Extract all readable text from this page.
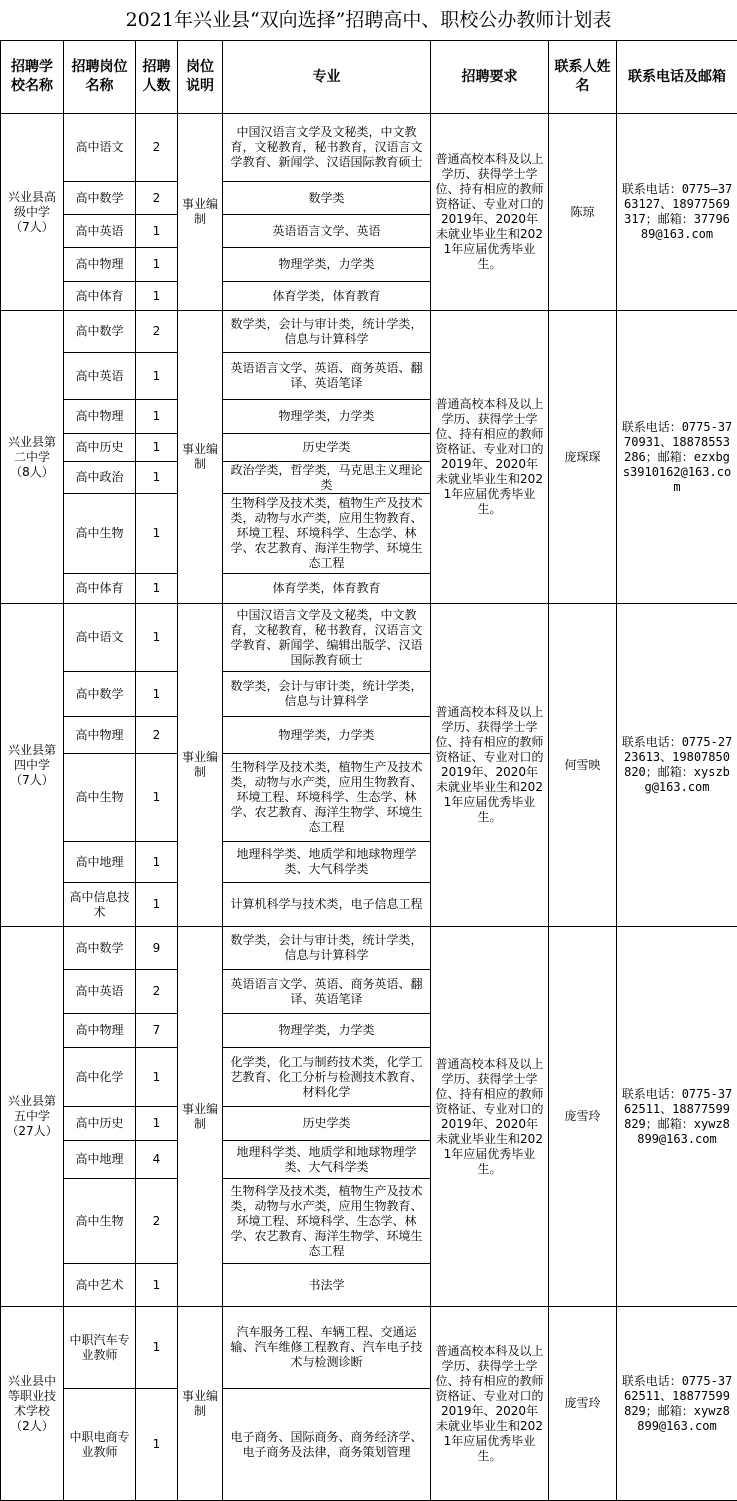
2021年兴业县“双向选择”招聘高中、职校公办教师计划表
招聘学校名称	招聘岗位名称	招聘人数	岗位说明	专业	招聘要求	联系人姓名	联系电话及邮箱
兴业县高级中学（7人）	高中语文	2	事业编制	中国汉语言文学及文秘类，中文教育，文秘教育，秘书教育，汉语言文学教育、新闻学、汉语国际教育硕士	普通高校本科及以上学历、获得学士学位、持有相应的教师资格证、专业对口的2019年、2020年未就业毕业生和2021年应届优秀毕业生。	陈琼	联系电话：0775—3763127、18977569317；邮箱：3779689@163.com
	高中数学	2		数学类			
	高中英语	1		英语语言文学、英语			
	高中物理	1		物理学类，力学类			
	高中体育	1		体育学类，体育教育			
兴业县第二中学（8人）	高中数学	2	事业编制	数学类，会计与审计类，统计学类，信息与计算科学	普通高校本科及以上学历、获得学士学位、持有相应的教师资格证、专业对口的2019年、2020年未就业毕业生和2021年应届优秀毕业生。	庞琛琛	联系电话：0775-3770931、18878553286；邮箱：ezxbgs3910162@163.com
	高中英语	1		英语语言文学、英语、商务英语、翻译、英语笔译			
	高中物理	1		物理学类，力学类			
	高中历史	1		历史学类			
	高中政治	1		政治学类，哲学类，马克思主义理论类			
	高中生物	1		生物科学及技术类，植物生产及技术类，动物与水产类，应用生物教育、环境工程、环境科学、生态学、林学、农艺教育、海洋生物学、环境生态工程			
	高中体育	1		体育学类，体育教育			
兴业县第四中学（7人）	高中语文	1	事业编制	中国汉语言文学及文秘类，中文教育，文秘教育，秘书教育，汉语言文学教育、新闻学、编辑出版学、汉语国际教育硕士	普通高校本科及以上学历、获得学士学位、持有相应的教师资格证、专业对口的2019年、2020年未就业毕业生和2021年应届优秀毕业生。	何雪映	联系电话：0775-2723613、19807850820；邮箱：xyszbg@163.com
	高中数学	1		数学类，会计与审计类，统计学类，信息与计算科学			
	高中物理	2		物理学类，力学类			
	高中生物	1		生物科学及技术类，植物生产及技术类，动物与水产类，应用生物教育、环境工程、环境科学、生态学、林学、农艺教育、海洋生物学、环境生态工程			
	高中地理	1		地理科学类、地质学和地球物理学类、大气科学类			
	高中信息技术	1		计算机科学与技术类，电子信息工程			
兴业县第五中学（27人）	高中数学	9	事业编制	数学类，会计与审计类，统计学类，信息与计算科学	普通高校本科及以上学历、获得学士学位、持有相应的教师资格证、专业对口的2019年、2020年未就业毕业生和2021年应届优秀毕业生。	庞雪玲	联系电话：0775-3762511、18877599829；邮箱：xywz8899@163.com
	高中英语	2		英语语言文学、英语、商务英语、翻译、英语笔译			
	高中物理	7		物理学类，力学类			
	高中化学	1		化学类，化工与制药技术类，化学工艺教育、化工分析与检测技术教育、材料化学			
	高中历史	1		历史学类			
	高中地理	4		地理科学类、地质学和地球物理学类、大气科学类			
	高中生物	2		生物科学及技术类，植物生产及技术类，动物与水产类，应用生物教育、环境工程、环境科学、生态学、林学、农艺教育、海洋生物学、环境生态工程			
	高中艺术	1		书法学			
兴业县中等职业技术学校（2人）	中职汽车专业教师	1	事业编制	汽车服务工程、车辆工程、交通运输、汽车维修工程教育、汽车电子技术与检测诊断	普通高校本科及以上学历、获得学士学位、持有相应的教师资格证、专业对口的2019年、2020年未就业毕业生和2021年应届优秀毕业生。	庞雪玲	联系电话：0775-3762511、18877599829；邮箱：xywz8899@163.com
	中职电商专业教师	1		电子商务、国际商务、商务经济学、电子商务及法律，商务策划管理			
